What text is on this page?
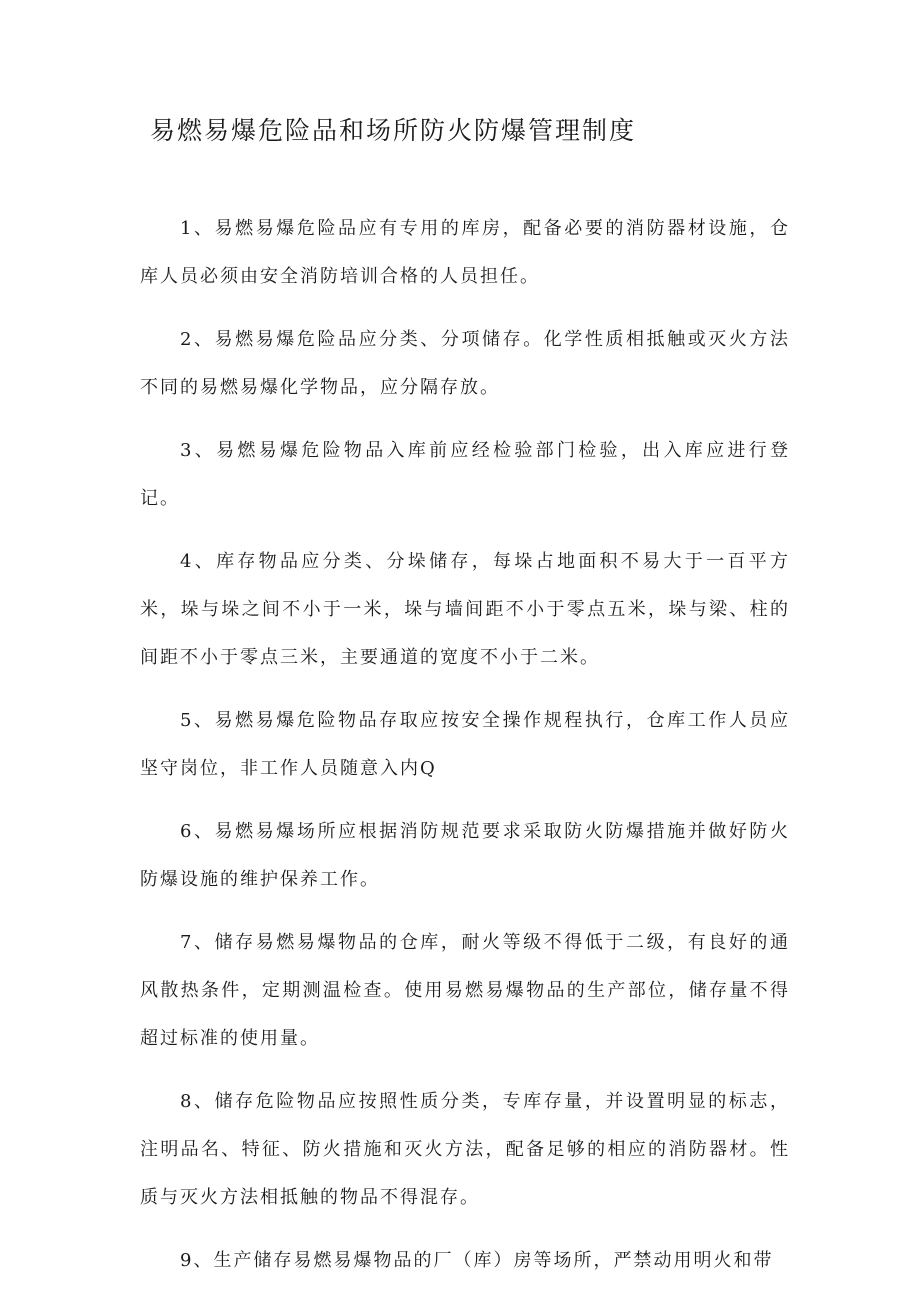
易燃易爆危险品和场所防火防爆管理制度

1、易燃易爆危险品应有专用的库房，配备必要的消防器材设施，仓库人员必须由安全消防培训合格的人员担任。

2、易燃易爆危险品应分类、分项储存。化学性质相抵触或灭火方法不同的易燃易爆化学物品，应分隔存放。

3、易燃易爆危险物品入库前应经检验部门检验，出入库应进行登记。

4、库存物品应分类、分垛储存，每垛占地面积不易大于一百平方米，垛与垛之间不小于一米，垛与墙间距不小于零点五米，垛与梁、柱的间距不小于零点三米，主要通道的宽度不小于二米。

5、易燃易爆危险物品存取应按安全操作规程执行，仓库工作人员应坚守岗位，非工作人员随意入内Q

6、易燃易爆场所应根据消防规范要求采取防火防爆措施并做好防火防爆设施的维护保养工作。

7、储存易燃易爆物品的仓库，耐火等级不得低于二级，有良好的通风散热条件，定期测温检查。使用易燃易爆物品的生产部位，储存量不得超过标准的使用量。

8、储存危险物品应按照性质分类，专库存量，并设置明显的标志，注明品名、特征、防火措施和灭火方法，配备足够的相应的消防器材。性质与灭火方法相抵触的物品不得混存。

9、生产储存易燃易爆物品的厂（库）房等场所，严禁动用明火和带
